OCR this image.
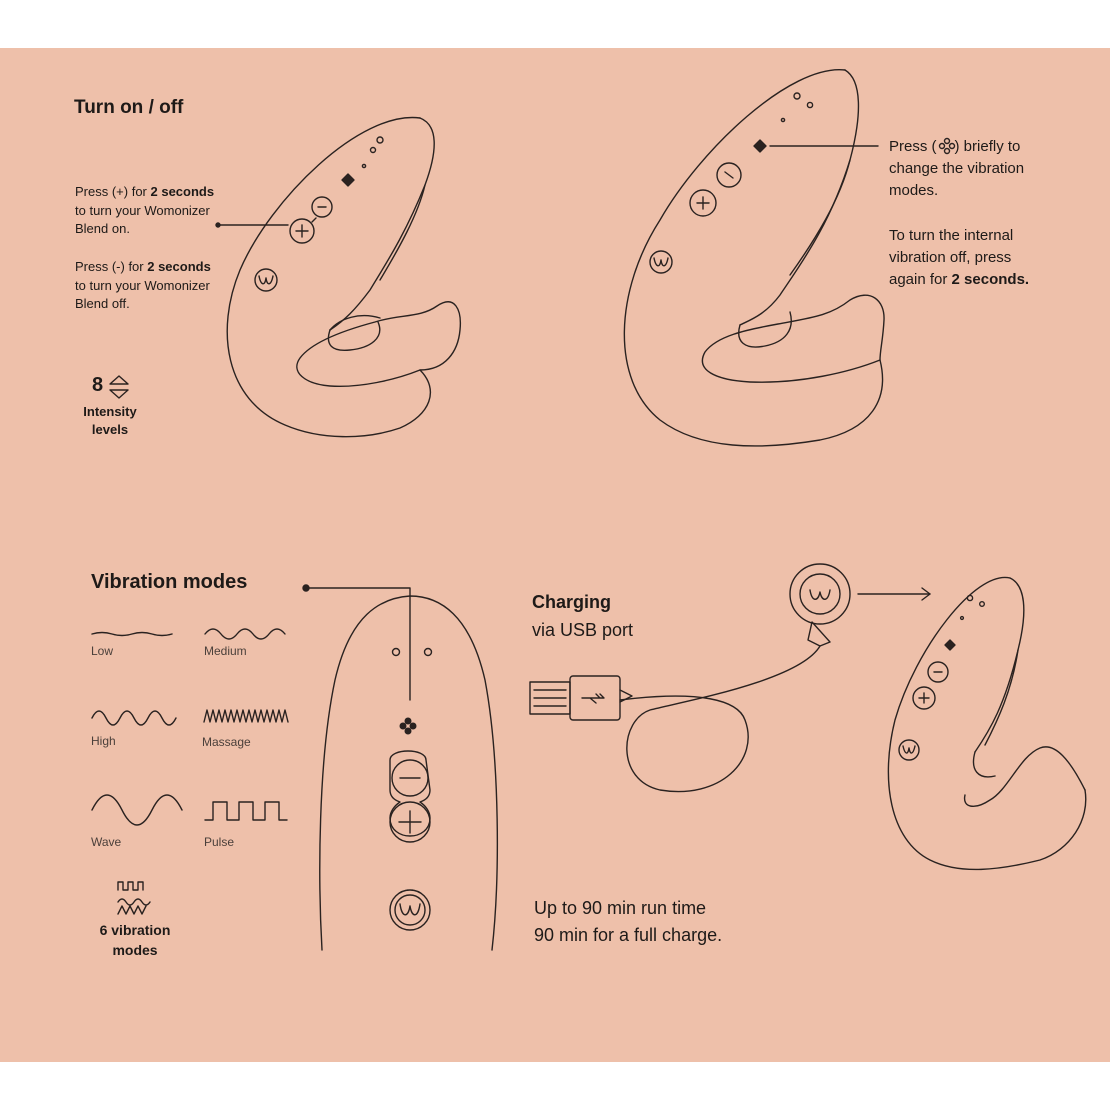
Turn on / off
Press (+) for 2 seconds
to turn your Womonizer
Blend on.
Press (-) for 2 seconds
to turn your Womonizer
Blend off.
8
Intensity
levels
Press ( ) briefly to
change the vibration
modes.
To turn the internal
vibration off, press
again for 2 seconds.
Vibration modes
Low	Medium
High	Massage
Wave	Pulse
6 vibration
modes
Charging
via USB port
Up to 90 min run time
90 min for a full charge.
